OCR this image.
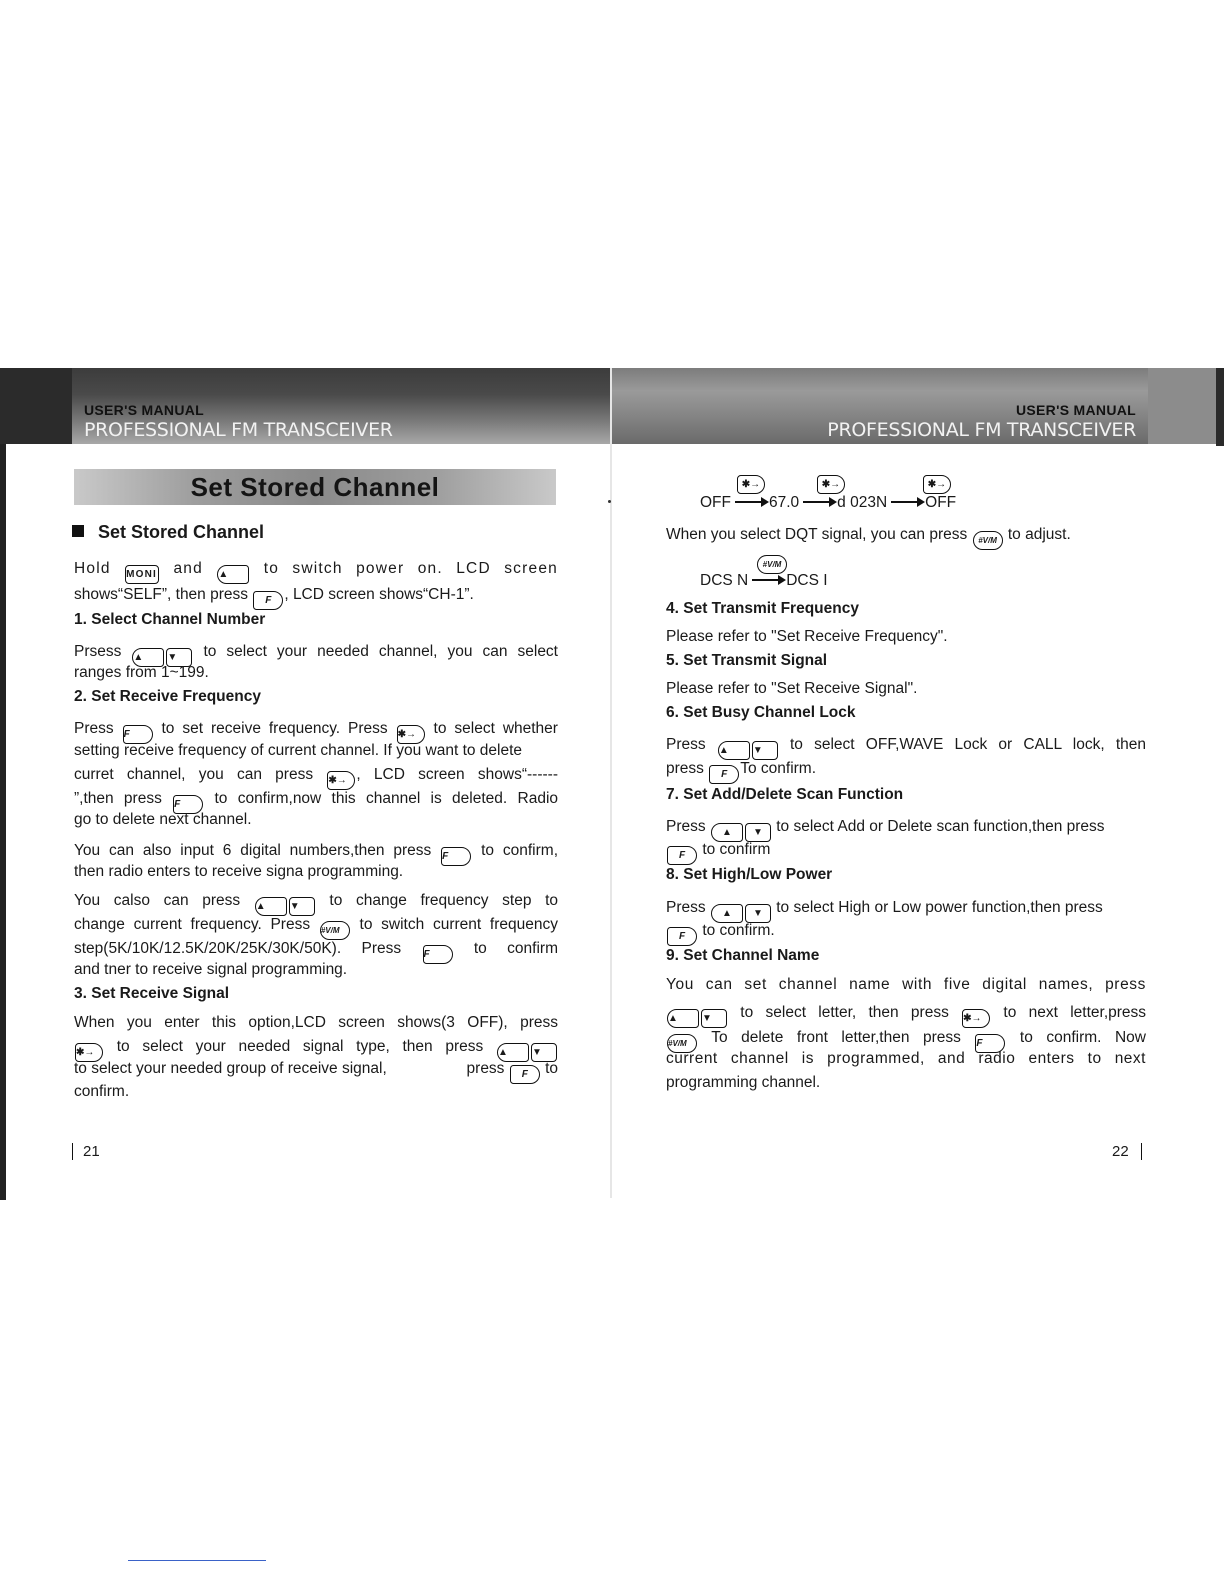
USER'S MANUAL
PROFESSIONAL FM TRANSCEIVER
USER'S MANUAL
PROFESSIONAL FM TRANSCEIVER
Set Stored Channel
Set Stored Channel
Hold MONI and ▲ to switch power on. LCD screen
shows“SELF”, then press F , LCD screen shows“CH-1”.
1. Select Channel Number
Prsess ▲ ▼ to select your needed channel, you can select
ranges from 1~199.
2. Set Receive Frequency
Press F to set receive frequency. Press ✱→ to select whether
setting receive frequency of current channel. If you want to delete
curret channel, you can press ✱→ , LCD screen shows“------
”,then press F to confirm,now this channel is deleted. Radio
go to delete next channel.
You can also input 6 digital numbers,then press F to confirm,
then radio enters to receive signa programming.
You calso can press ▲ ▼ to change frequency step to
change current frequency. Press #V/M to switch current frequency
step(5K/10K/12.5K/20K/25K/30K/50K). Press F	to confirm
and tner to receive signal programming.
3. Set Receive Signal
When you enter this option,LCD screen shows(3 OFF), press
✱→ to select your needed signal type, then press ▲ ▼
to select your needed group of receive signal,	press F to
confirm.
21
✱→	✱→	✱→
OFF 67.0 d 023N OFF
When you select DQT signal, you can press #V/M to adjust.
#V/M
DCS N DCS I
4. Set Transmit Frequency
Please refer to "Set Receive Frequency".
5. Set Transmit Signal
Please refer to "Set Receive Signal".
6. Set Busy Channel Lock
Press ▲ ▼ to select OFF,WAVE Lock or CALL lock, then
press F To confirm.
7. Set Add/Delete Scan Function
Press ▲ ▼ to select Add or Delete scan function,then press
F to confirm
8. Set High/Low Power
Press ▲ ▼ to select High or Low power function,then press
F to confirm.
9. Set Channel Name
You can set channel name with five digital names, press
▲ ▼ to select letter, then press ✱→ to next letter,press
#V/M To delete front letter,then press F to confirm. Now
current channel is programmed, and radio enters to next
programming channel.
22
